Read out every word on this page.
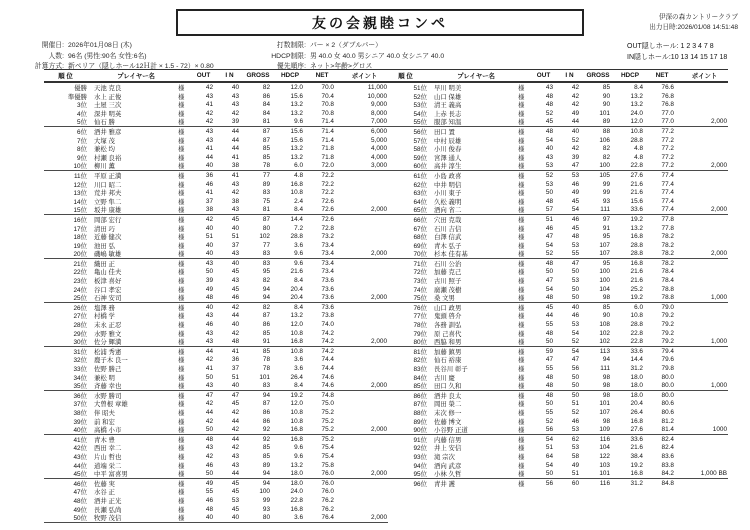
友の会親睦コンペ	伊深の森カントリークラブ
出力日時:2026/01/08 14:51:48
OUT隠しホール: 1 2 3 4 7 8
IN隠しホール:10 13 14 15 17 18
開催日: 2026年01月08日 (木)
人数: 96名 (男性:90名 女性:6名)
計算方式: 新ペリア（隠しホール12Ｈ計 × 1.5 - 72）× 0.80
打数制限: パー × 2（ダブルパー）
HDCP制限: 男 40.0 女 40.0 男シニア 40.0 女シニア 40.0
優先順序: ネット>年齢>グロス
順 位	プレイヤー名	OUT	I N	GROSS	HDCP	NET	ポイント
優勝	天池 克良	様	42	40	82	12.0	70.0	11,000
準優勝	水上 正俊	様	43	43	86	15.6	70.4	10,000
3位	土屋 三次	様	41	43	84	13.2	70.8	9,000
4位	深井 明英	様	42	42	84	13.2	70.8	8,000
5位	仙石 勝	様	42	39	81	9.6	71.4	7,000
6位	酒井 雅彦	様	43	44	87	15.6	71.4	6,000
7位	大塚 茂	様	43	44	87	15.6	71.4	5,000
8位	兼松 均	様	41	44	85	13.2	71.8	4,000
9位	村瀬 良裕	様	44	41	85	13.2	71.8	4,000
10位	柳川 薫	様	40	38	78	6.0	72.0	3,000
11位	平原 正満	様	36	41	77	4.8	72.2
12位	川口 昭二	様	46	43	89	16.8	72.2
13位	荒井 邦夫	様	41	42	83	10.8	72.2
14位	立野 隼二	様	37	38	75	2.4	72.6
15位	坂井 康雄	様	38	43	81	8.4	72.6	2,000
16位	岡部 宏行	様	42	45	87	14.4	72.6
17位	清田 巧	様	40	40	80	7.2	72.8
18位	近藤 健次	様	51	51	102	28.8	73.2
19位	池田 弘	様	40	37	77	3.6	73.4
20位	磯嶋 敏雄	様	40	43	83	9.6	73.4	2,000
21位	織田 正	様	43	40	83	9.6	73.4
22位	亀山 佳夫	様	50	45	95	21.6	73.4
23位	板津 喜好	様	39	43	82	8.4	73.6
24位	谷口 孝宏	様	49	45	94	20.4	73.6
25位	石神 安司	様	48	46	94	20.4	73.6	2,000
26位	塩澤 務	様	40	42	82	8.4	73.6
27位	村橋 学	様	43	44	87	13.2	73.8
28位	末永 正忍	様	46	40	86	12.0	74.0
29位	水野 雅文	様	43	42	85	10.8	74.2
30位	佐分 輝満	様	43	48	91	16.8	74.2	2,000
31位	松浦 秀憲	様	44	41	85	10.8	74.2
32位	鹿子木 良一	様	42	36	78	3.6	74.4
33位	佐野 勝己	様	41	37	78	3.6	74.4
34位	兼松 明	様	50	51	101	26.4	74.6
35位	斉藤 幸也	様	43	40	83	8.4	74.6	2,000
36位	水野 勝司	様	47	47	94	19.2	74.8
37位	大曽根 章雄	様	42	45	87	12.0	75.0
38位	伴 昭夫	様	44	42	86	10.8	75.2
39位	前 和宏	様	42	44	86	10.8	75.2
40位	高橋 小市	様	50	42	92	16.8	75.2	2,000
41位	青木 豊	様	48	44	92	16.8	75.2
42位	西田 幸二	様	43	42	85	9.6	75.4
43位	片山 哲也	様	42	43	85	9.6	75.4
44位	道端 栄二	様	46	43	89	13.2	75.8
45位	中平 富喜男	様	50	44	94	18.0	76.0	2,000
46位	佐藤 実	様	49	45	94	18.0	76.0
47位	水谷 正	様	55	45	100	24.0	76.0
48位	酒井 正光	様	46	53	99	22.8	76.2
49位	長瀬 弘尚	様	48	45	93	16.8	76.2
50位	牧野 茂信	様	40	40	80	3.6	76.4	2,000
順 位	プレイヤー名	OUT	I N	GROSS	HDCP	NET	ポイント
51位	早川 明美	様	43	42	85	8.4	76.6
52位	山口 保雄	様	48	42	90	13.2	76.8
53位	清王 義高	様	48	42	90	13.2	76.8
54位	上赤 長志	様	52	49	101	24.0	77.0
55位	服部 知温	様	45	44	89	12.0	77.0	2,000
56位	田口 置	様	48	40	88	10.8	77.2
57位	中村 辰雄	様	54	52	106	28.8	77.2
58位	小川 俊春	様	40	42	82	4.8	77.2
59位	宮澤 通人	様	43	39	82	4.8	77.2
60位	高井 淳生	様	53	47	100	22.8	77.2	2,000
61位	小島 政喜	様	52	53	105	27.6	77.4
62位	中井 明信	様	53	46	99	21.6	77.4
63位	小川 東子	様	50	49	99	21.6	77.4
64位	久松 義明	様	48	45	93	15.6	77.4
65位	酒向 省二	様	57	54	111	33.6	77.4	2,000
66位	穴田 克哉	様	51	46	97	19.2	77.8
67位	石川 吉信	様	46	45	91	13.2	77.8
68位	白澤 信武	様	47	48	95	16.8	78.2
69位	青木 弘子	様	54	53	107	28.8	78.2
70位	杉本 佳有基	様	52	55	107	28.8	78.2	2,000
71位	石川 公治	様	48	47	95	16.8	78.2
72位	加藤 克己	様	50	50	100	21.6	78.4
73位	古川 照子	様	47	53	100	21.6	78.4
74位	廣瀬 茂樹	様	54	50	104	25.2	78.8
75位	桑 文男	様	48	50	98	19.2	78.8	1,000
76位	山口 政男	様	45	40	85	6.0	79.0
77位	鬼頭 啓介	様	44	46	90	10.8	79.2
78位	各務 訓弘	様	55	53	108	28.8	79.2
79位	原 己喜代	様	48	54	102	22.8	79.2
80位	西脇 和男	様	50	52	102	22.8	79.2	1,000
81位	加藤 鎮男	様	59	54	113	33.6	79.4
82位	仙石 裕康	様	47	47	94	14.4	79.6
83位	長谷川 彰子	様	55	56	111	31.2	79.8
84位	古川 慶	様	48	50	98	18.0	80.0
85位	田口 久和	様	48	50	98	18.0	80.0	1,000
86位	酒井 良太	様	48	50	98	18.0	80.0
87位	岡田 榮二	様	50	51	101	20.4	80.6
88位	末次 修一	様	55	52	107	26.4	80.6
89位	佐藤 博文	様	52	46	98	16.8	81.2
90位	小谷野 正道	様	56	53	109	27.6	81.4	1000
91位	内藤 信男	様	54	62	116	33.6	82.4
92位	井上 安信	様	51	53	104	21.6	82.4
93位	滝 宗次	様	64	58	122	38.4	83.6
94位	酒向 武彦	様	54	49	103	19.2	83.8
95位	小林 久哲	様	50	51	101	16.8	84.2	1,000 BB
96位	青井 護	様	56	60	116	31.2	84.8
